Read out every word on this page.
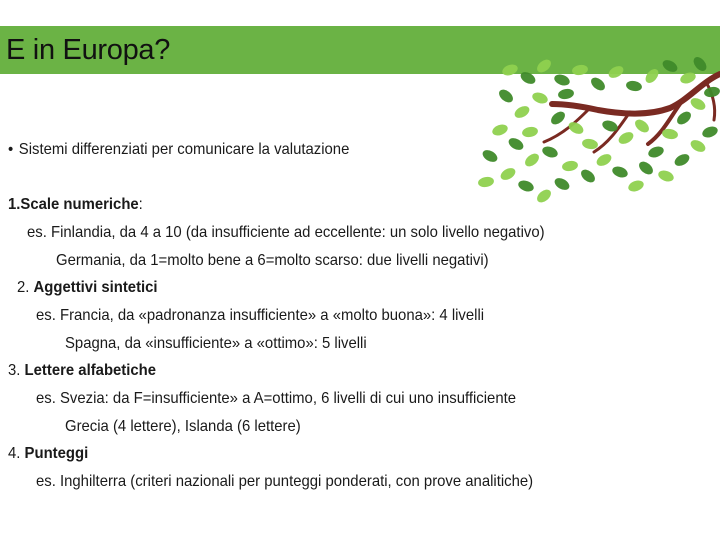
E in Europa?
• Sistemi differenziati per comunicare la valutazione
1.Scale numeriche:
es. Finlandia, da 4 a 10 (da insufficiente ad eccellente: un solo livello negativo)
Germania, da 1=molto bene a 6=molto scarso: due livelli negativi)
2. Aggettivi sintetici
es. Francia, da «padronanza insufficiente» a «molto buona»: 4 livelli
Spagna, da «insufficiente» a «ottimo»: 5 livelli
3. Lettere alfabetiche
es. Svezia: da F=insufficiente» a A=ottimo, 6 livelli di cui uno insufficiente
Grecia (4 lettere), Islanda (6 lettere)
4. Punteggi
es. Inghilterra (criteri nazionali per punteggi ponderati, con prove analitiche)
